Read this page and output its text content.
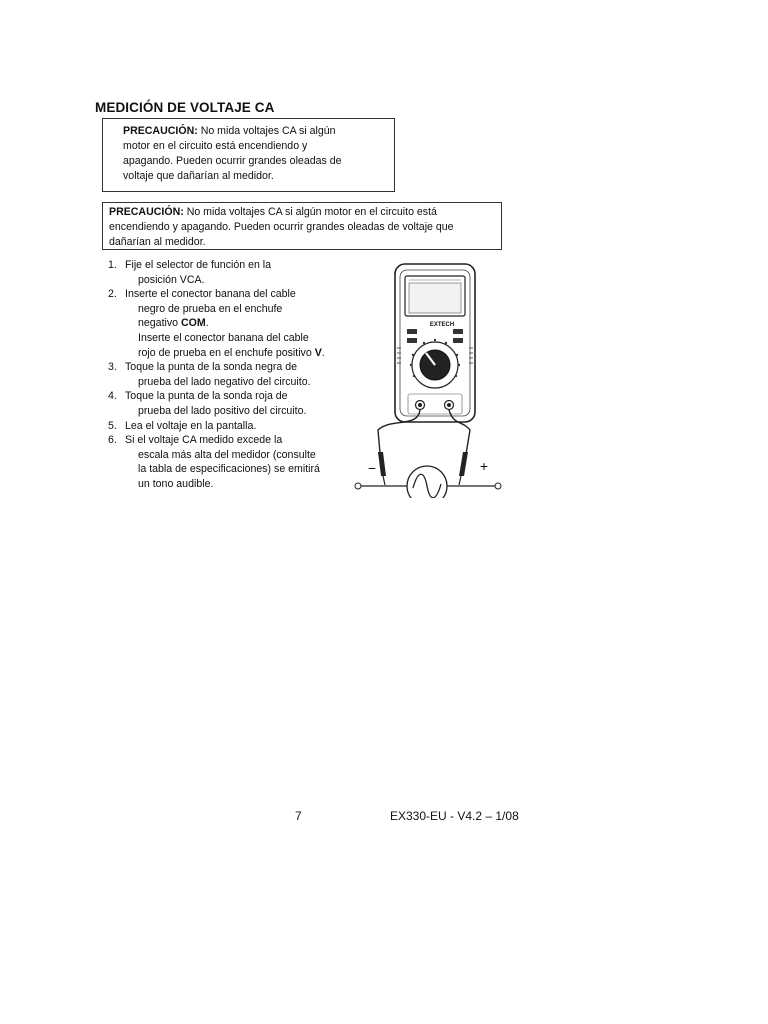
MEDICIÓN DE VOLTAJE CA
PRECAUCIÓN: No mida voltajes CA si algún
motor en el circuito está encendiendo y
apagando. Pueden ocurrir grandes oleadas de
voltaje que dañarían al medidor.
PRECAUCIÓN: No mida voltajes CA si algún motor en el circuito está
encendiendo y apagando. Pueden ocurrir grandes oleadas de voltaje que
dañarían al medidor.
1. Fije el selector de función en la
posición VCA.
2. Inserte el conector banana del cable
negro de prueba en el enchufe
negativo COM.
Inserte el conector banana del cable
rojo de prueba en el enchufe positivo V.
3. Toque la punta de la sonda negra de
prueba del lado negativo del circuito.
4. Toque la punta de la sonda roja de
prueba del lado positivo del circuito.
5. Lea el voltaje en la pantalla.
6. Si el voltaje CA medido excede la
escala más alta del medidor (consulte
la tabla de especificaciones) se emitirá
un tono audible.
EXTECH
−	+
7	EX330-EU - V4.2 – 1/08
